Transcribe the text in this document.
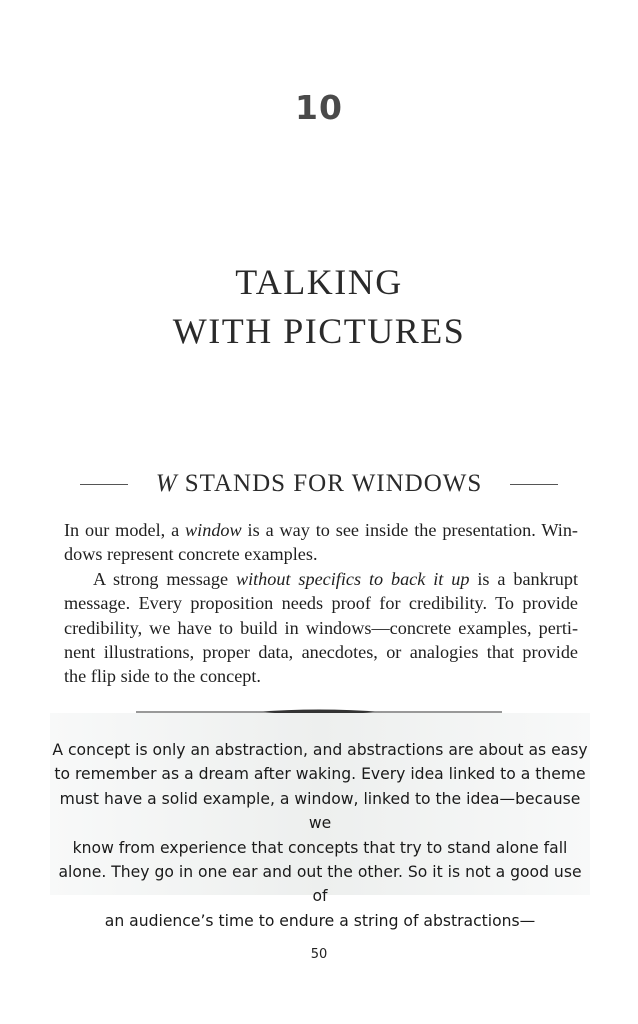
10
TALKING
WITH PICTURES
W STANDS FOR WINDOWS
In our model, a window is a way to see inside the presentation. Win-
dows represent concrete examples.
A strong message without specifics to back it up is a bankrupt
message. Every proposition needs proof for credibility. To provide
credibility, we have to build in windows—concrete examples, perti-
nent illustrations, proper data, anecdotes, or analogies that provide
the flip side to the concept.
A concept is only an abstraction, and abstractions are about as easy
to remember as a dream after waking. Every idea linked to a theme
must have a solid example, a window, linked to the idea—because we
know from experience that concepts that try to stand alone fall
alone. They go in one ear and out the other. So it is not a good use of
an audience’s time to endure a string of abstractions—
50
